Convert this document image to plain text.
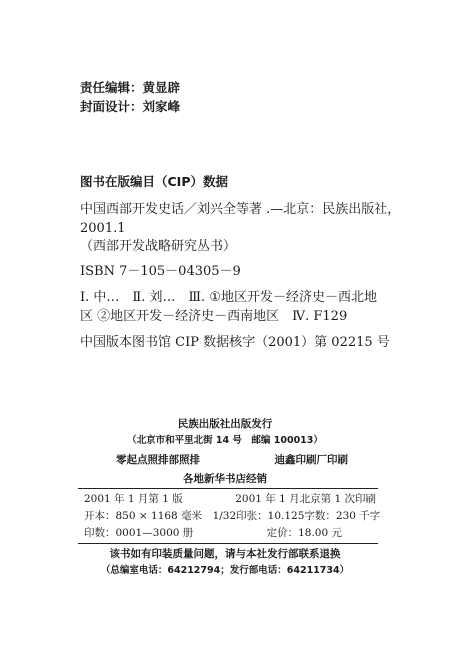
责任编辑：黄显辟
封面设计：刘家峰
图书在版编目（CIP）数据
中国西部开发史话／刘兴全等著 .—北京：民族出版社，
2001.1
（西部开发战略研究丛书）
ISBN 7－105－04305－9
Ⅰ. 中…　Ⅱ. 刘…　Ⅲ. ①地区开发－经济史－西北地
区 ②地区开发－经济史－西南地区　Ⅳ. F129
中国版本图书馆 CIP 数据核字（2001）第 02215 号
民族出版社出版发行
（北京市和平里北街 14 号　邮编 100013）
零起点照排部照排	迪鑫印刷厂印刷
各地新华书店经销
2001 年 1 月第 1 版	2001 年 1 月北京第 1 次印刷
开本：850 × 1168 毫米　1/32 印张：10.125 字数：230 千字
印数：0001—3000 册	定价：18.00 元
该书如有印装质量问题，请与本社发行部联系退换
（总编室电话：64212794；发行部电话：64211734）
